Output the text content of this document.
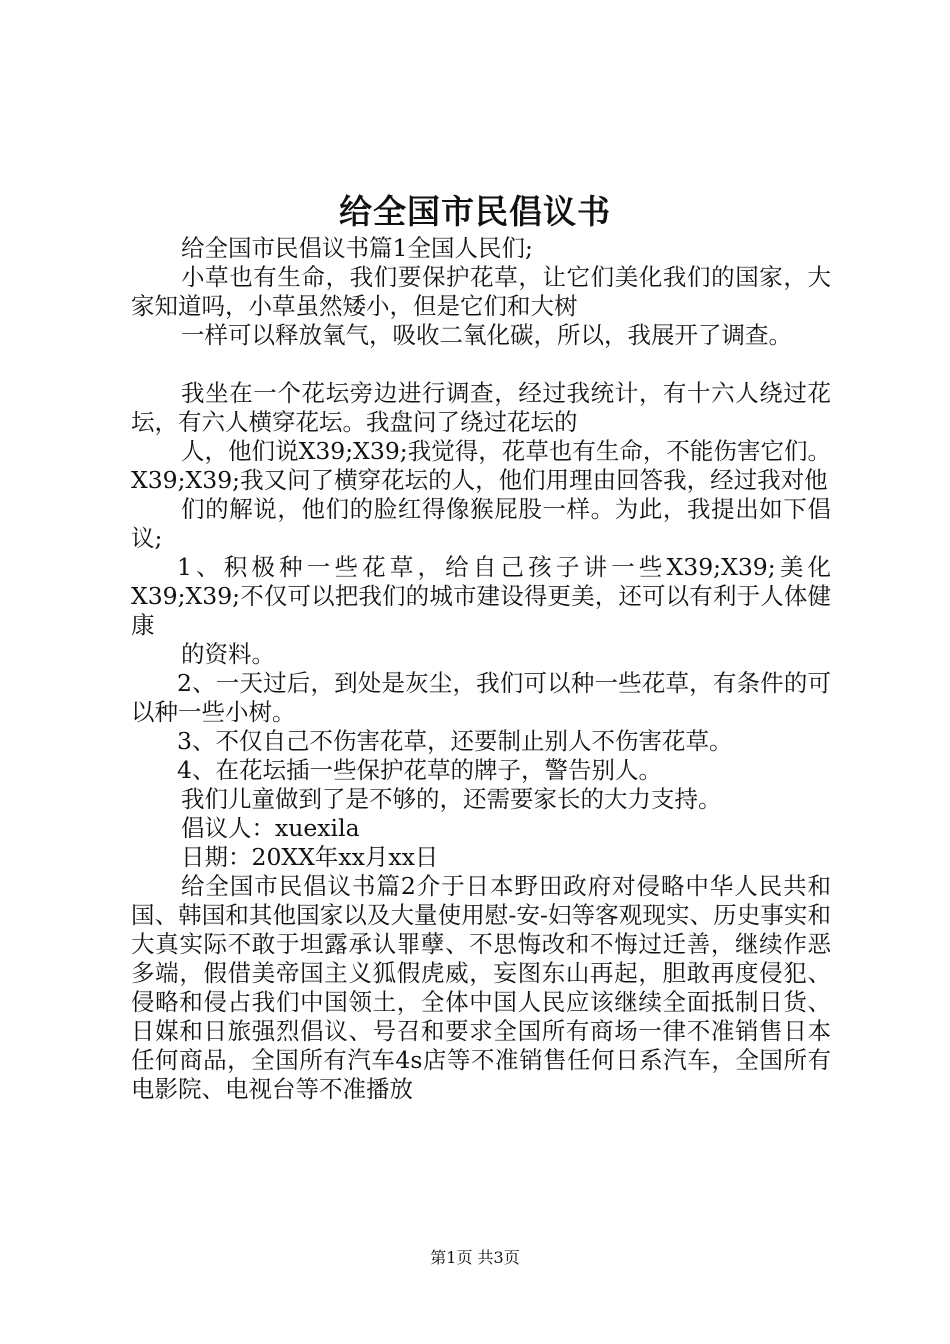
给全国市民倡议书

给全国市民倡议书篇1全国人民们;

小草也有生命，我们要保护花草，让它们美化我们的国家，大家知道吗，小草虽然矮小，但是它们和大树

一样可以释放氧气，吸收二氧化碳，所以，我展开了调查。

我坐在一个花坛旁边进行调查，经过我统计，有十六人绕过花坛，有六人横穿花坛。我盘问了绕过花坛的

人，他们说X39;X39;我觉得，花草也有生命，不能伤害它们。X39;X39;我又问了横穿花坛的人，他们用理由回答我，经过我对他

们的解说，他们的脸红得像猴屁股一样。为此，我提出如下倡议;

1、积极种一些花草，给自己孩子讲一些X39;X39;美化X39;X39;不仅可以把我们的城市建设得更美，还可以有利于人体健康

的资料。

2、一天过后，到处是灰尘，我们可以种一些花草，有条件的可以种一些小树。

3、不仅自己不伤害花草，还要制止别人不伤害花草。

4、在花坛插一些保护花草的牌子，警告别人。

我们儿童做到了是不够的，还需要家长的大力支持。

倡议人：xuexila

日期：20XX年xx月xx日

给全国市民倡议书篇2介于日本野田政府对侵略中华人民共和国、韩国和其他国家以及大量使用慰-安-妇等客观现实、历史事实和大真实际不敢于坦露承认罪孽、不思悔改和不悔过迁善，继续作恶多端，假借美帝国主义狐假虎威，妄图东山再起，胆敢再度侵犯、侵略和侵占我们中国领土，全体中国人民应该继续全面抵制日货、日媒和日旅强烈倡议、号召和要求全国所有商场一律不准销售日本任何商品，全国所有汽车4s店等不准销售任何日系汽车，全国所有电影院、电视台等不准播放

第1页 共3页
